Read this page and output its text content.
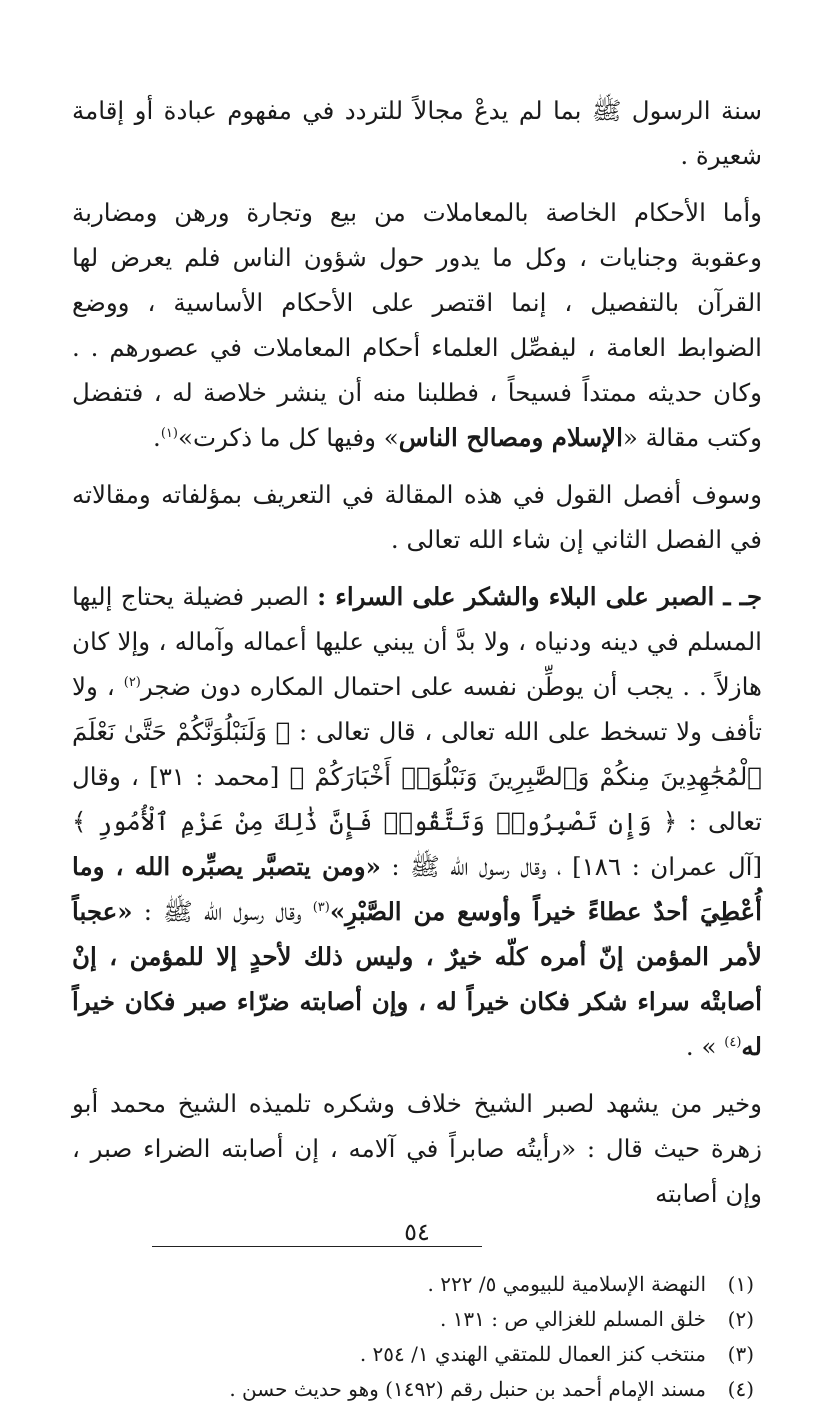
سنة الرسول ﷺ بما لم يدعْ مجالاً للتردد في مفهوم عبادة أو إقامة شعيرة .

وأما الأحكام الخاصة بالمعاملات من بيع وتجارة ورهن ومضاربة وعقوبة وجنايات ، وكل ما يدور حول شؤون الناس فلم يعرض لها القرآن بالتفصيل ، إنما اقتصر على الأحكام الأساسية ، ووضع الضوابط العامة ، ليفصِّل العلماء أحكام المعاملات في عصورهم . . وكان حديثه ممتداً فسيحاً ، فطلبنا منه أن ينشر خلاصة له ، فتفضل وكتب مقالة «الإسلام ومصالح الناس» وفيها كل ما ذكرت»$^{(١)}$.

وسوف أفصل القول في هذه المقالة في التعريف بمؤلفاته ومقالاته في الفصل الثاني إن شاء الله تعالى .

جـ ـ الصبر على البلاء والشكر على السراء : الصبر فضيلة يحتاج إليها المسلم في دينه ودنياه ، ولا بدَّ أن يبني عليها أعماله وآماله ، وإلا كان هازلاً . . يجب أن يوطِّن نفسه على احتمال المكاره دون ضجر$^{(٢)}$ ، ولا تأفف ولا تسخط على الله تعالى ، قال تعالى : ﴿ وَلَنَبْلُوَنَّكُمْ حَتَّىٰ نَعْلَمَ ٱلْمُجَٰهِدِينَ مِنكُمْ وَٱلصَّٰبِرِينَ وَنَبْلُوَا۟ أَخْبَارَكُمْ ﴾ [محمد : ٣١] ، وقال تعالى : ﴿ وَإِن تَصْبِرُوا۟ وَتَتَّقُوا۟ فَإِنَّ ذَٰلِكَ مِنْ عَزْمِ ٱلْأُمُورِ ﴾ [آل عمران : ١٨٦] ، وقال رسول الله ﷺ : «ومن يتصبَّر يصبِّره الله ، وما أُعْطِيَ أحدٌ عطاءً خيراً وأوسع من الصَّبْرِ»$^{(٣)}$ وقال رسول الله ﷺ : «عجباً لأمر المؤمن إنّ أمره كلّه خيرٌ ، وليس ذلك لأحدٍ إلا للمؤمن ، إنْ أصابتْه سراء شكر فكان خيراً له ، وإن أصابته ضرّاء صبر فكان خيراً له$^{(٤)}$ » .

وخير من يشهد لصبر الشيخ خلاف وشكره تلميذه الشيخ محمد أبو زهرة حيث قال : «رأيتُه صابراً في آلامه ، إن أصابته الضراء صبر ، وإن أصابته

(١)النهضة الإسلامية للبيومي ٥/ ٢٢٢ .
(٢)خلق المسلم للغزالي ص : ١٣١ .
(٣)منتخب كنز العمال للمتقي الهندي ١/ ٢٥٤ .
(٤)مسند الإمام أحمد بن حنبل رقم (١٤٩٢) وهو حديث حسن .
٥٤
